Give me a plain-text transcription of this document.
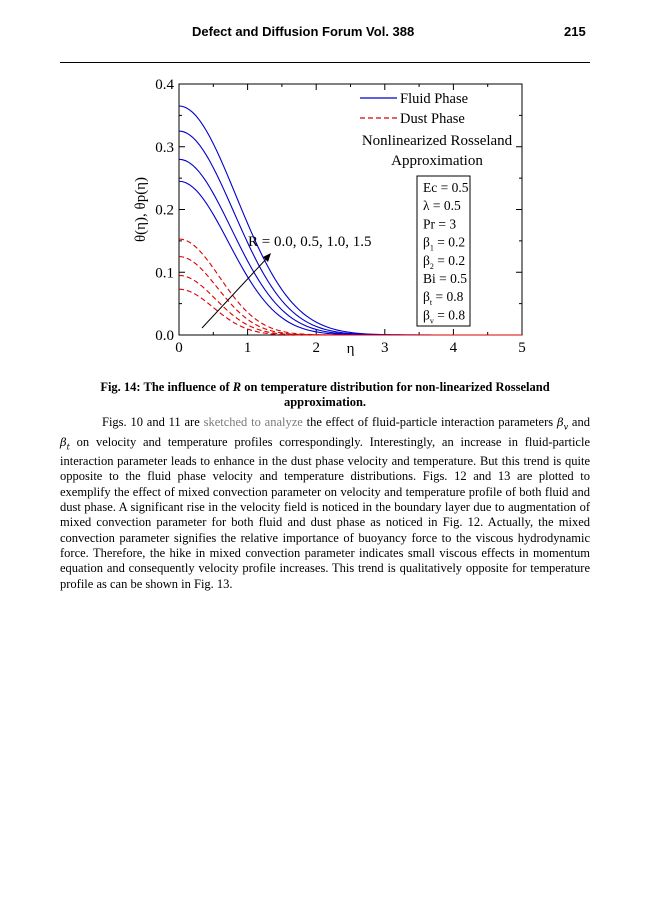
Defect and Diffusion Forum Vol. 388	215
0	1	2	3	4	5
0.0
0.1
0.2
0.3
0.4
η
θ(η), θp(η)
Fluid Phase
Dust Phase
Nonlinearized Rosseland
Approximation
Ec = 0.5
λ = 0.5
Pr = 3
$\beta_1 = 0.2$
$\beta_2 = 0.2$
Bi = 0.5
$\beta_t = 0.8$
$\beta_v = 0.8$
R = 0.0, 0.5, 1.0, 1.5
Fig. 14: The influence of R on temperature distribution for non-linearized Rosseland approximation.

Figs. 10 and 11 are sketched to analyze the effect of fluid-particle interaction parameters $\beta_v$ and $\beta_t$ on velocity and temperature profiles correspondingly. Interestingly, an increase in fluid-particle interaction parameter leads to enhance in the dust phase velocity and temperature. But this trend is quite opposite to the fluid phase velocity and temperature distributions. Figs. 12 and 13 are plotted to exemplify the effect of mixed convection parameter on velocity and temperature profile of both fluid and dust phase. A significant rise in the velocity field is noticed in the boundary layer due to augmentation of mixed convection parameter for both fluid and dust phase as noticed in Fig. 12. Actually, the mixed convection parameter signifies the relative importance of buoyancy force to the viscous hydrodynamic force. Therefore, the hike in mixed convection parameter indicates small viscous effects in momentum equation and consequently velocity profile increases. This trend is qualitatively opposite for temperature profile as can be shown in Fig. 13.
